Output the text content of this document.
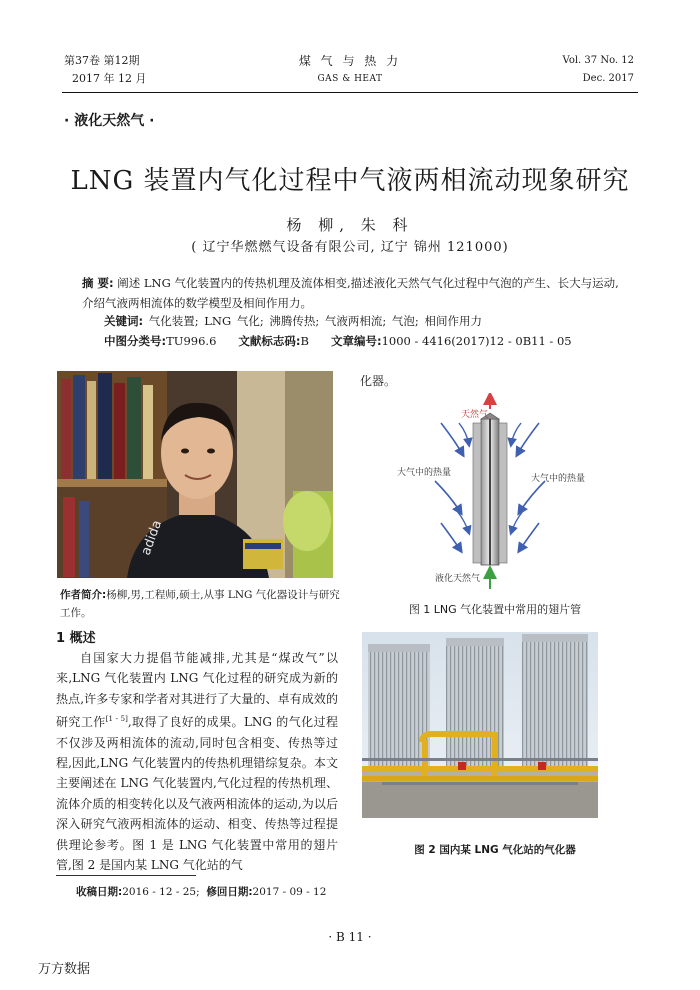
第37卷 第12期
2017 年 12 月
煤 气 与 热 力
GAS & HEAT
Vol. 37 No. 12
Dec. 2017
· 液化天然气 ·
LNG 装置内气化过程中气液两相流动现象研究
杨 柳, 朱 科
( 辽宁华燃燃气设备有限公司, 辽宁 锦州 121000)
摘 要: 阐述 LNG 气化装置内的传热机理及流体相变,描述液化天然气气化过程中气泡的产生、长大与运动,介绍气液两相流体的数学模型及相间作用力。
关键词: 气化装置; LNG 气化; 沸腾传热; 气液两相流; 气泡; 相间作用力
中图分类号:TU996.6 文献标志码:B 文章编号:1000 - 4416(2017)12 - 0B11 - 05
adida
作者简介:杨柳,男,工程师,硕士,从事 LNG 气化器设计与研究工作。
1 概述
自国家大力提倡节能减排,尤其是“煤改气”以来,LNG 气化装置内 LNG 气化过程的研究成为新的热点,许多专家和学者对其进行了大量的、卓有成效的研究工作[1 - 5],取得了良好的成果。LNG 的气化过程不仅涉及两相流体的流动,同时包含相变、传热等过程,因此,LNG 气化装置内的传热机理错综复杂。本文主要阐述在 LNG 气化装置内,气化过程的传热机理、流体介质的相变转化以及气液两相流体的运动,为以后深入研究气液两相流体的运动、相变、传热等过程提供理论参考。图 1 是 LNG 气化装置中常用的翅片管,图 2 是国内某 LNG 气化站的气
化器。
天然气
大气中的热量
大气中的热量
液化天然气
图 1 LNG 气化装置中常用的翅片管
图 2 国内某 LNG 气化站的气化器
收稿日期:2016 - 12 - 25; 修回日期:2017 - 09 - 12
· B 11 ·
万方数据
